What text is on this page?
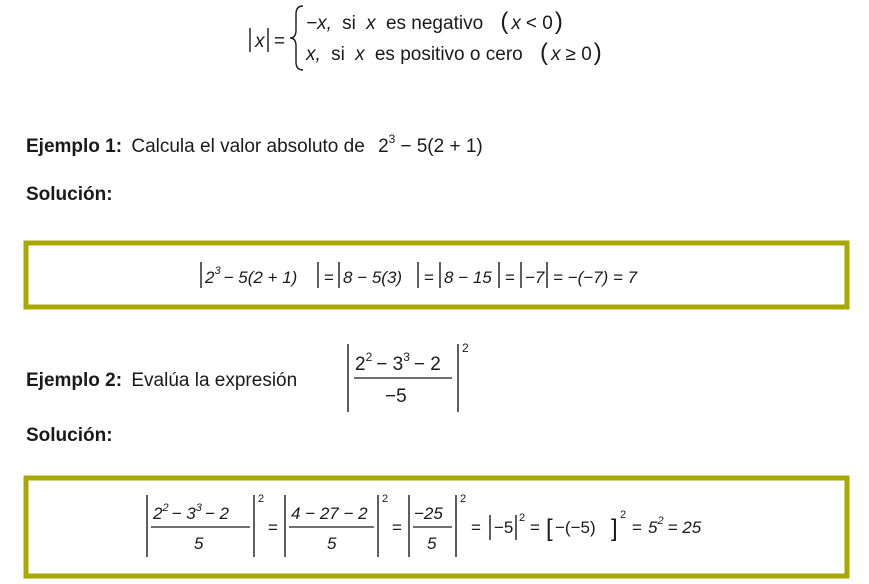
x =
−x, si x es negativo ( x < 0)
x, si x es positivo o cero ( x ≥ 0)
Ejemplo 1: Calcula el valor absoluto de $2^3 - 5(2 + 1)$
Solución:
$2^3 - 5(2 + 1) = 8 - 5(3) = 8 - 15 = -7 = -(-7) = 7$
Ejemplo 2: Evalúa la expresión
$2^2 - 3^3 - 2$
−5
2
Solución:
$2^2 - 3^3 - 2$
5
2
=
4 − 27 − 2
5
2
=
−25
5
2
= −5 2 = [ −(−5) ] 2
= $5^2 = 25$
